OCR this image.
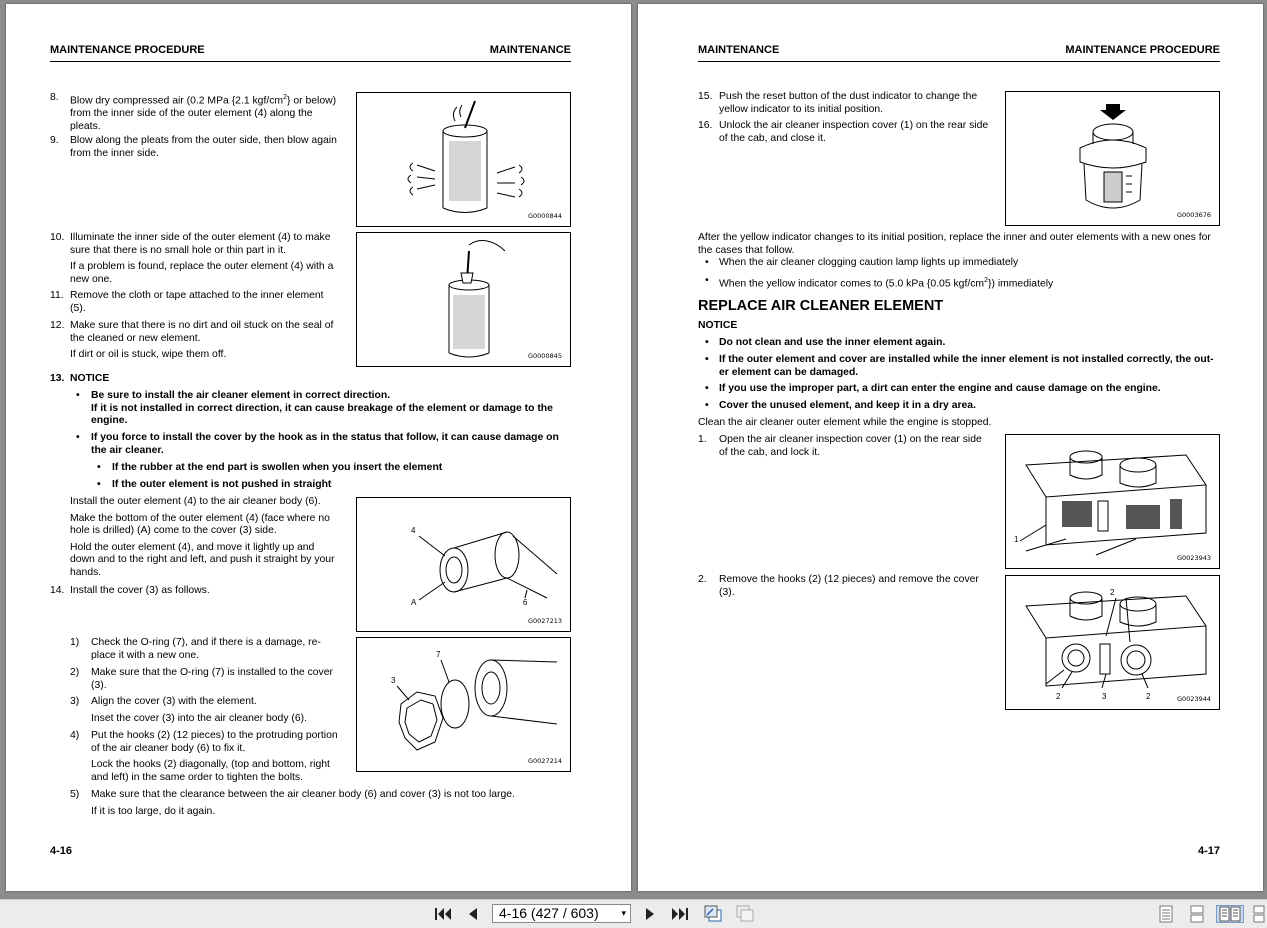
MAINTENANCE PROCEDURE	MAINTENANCE
8. Blow dry compressed air (0.2 MPa {2.1 kgf/$cm^2$} or below)
from the inner side of the outer element (4) along the
pleats.
9. Blow along the pleats from the outer side, then blow again
from the inner side.
G0000844
10. Illuminate the inner side of the outer element (4) to make
sure that there is no small hole or thin part in it.
If a problem is found, replace the outer element (4) with a
new one.
11. Remove the cloth or tape attached to the inner element
(5).
12. Make sure that there is no dirt and oil stuck on the seal of
the cleaned or new element.
If dirt or oil is stuck, wipe them off.	G0000845
13. NOTICE
• Be sure to install the air cleaner element in correct direction.
If it is not installed in correct direction, it can cause breakage of the element or damage to the
engine.
• If you force to install the cover by the hook as in the status that follow, it can cause damage on
the air cleaner.
• If the rubber at the end part is swollen when you insert the element
• If the outer element is not pushed in straight
Install the outer element (4) to the air cleaner body (6).
Make the bottom of the outer element (4) (face where no
hole is drilled) (A) come to the cover (3) side.
Hold the outer element (4), and move it lightly up and
down and to the right and left, and push it straight by your
hands.
4
A	6
G0027213
14. Install the cover (3) as follows.
1) Check the O-ring (7), and if there is a damage, re-
place it with a new one.
2) Make sure that the O-ring (7) is installed to the cover
(3).
3) Align the cover (3) with the element.
Inset the cover (3) into the air cleaner body (6).
4) Put the hooks (2) (12 pieces) to the protruding portion
of the air cleaner body (6) to fix it.
Lock the hooks (2) diagonally, (top and bottom, right
and left) in the same order to tighten the bolts.
3
7
G0027214
5) Make sure that the clearance between the air cleaner body (6) and cover (3) is not too large.
If it is too large, do it again.
4-16
MAINTENANCE	MAINTENANCE PROCEDURE
15. Push the reset button of the dust indicator to change the
yellow indicator to its initial position.
16. Unlock the air cleaner inspection cover (1) on the rear side
of the cab, and close it.
G0003676
After the yellow indicator changes to its initial position, replace the inner and outer elements with a new ones for
the cases that follow.
• When the air cleaner clogging caution lamp lights up immediately
• When the yellow indicator comes to (5.0 kPa {0.05 kgf/$cm^2$}) immediately
REPLACE AIR CLEANER ELEMENT
NOTICE
• Do not clean and use the inner element again.
• If the outer element and cover are installed while the inner element is not installed correctly, the out-
er element can be damaged.
• If you use the improper part, a dirt can enter the engine and cause damage on the engine.
• Cover the unused element, and keep it in a dry area.
Clean the air cleaner outer element while the engine is stopped.
1. Open the air cleaner inspection cover (1) on the rear side
of the cab, and lock it.
1
G0023943
2. Remove the hooks (2) (12 pieces) and remove the cover
(3).
2	3	2
2
G0023944
4-17
4-16 (427 / 603)	▾
